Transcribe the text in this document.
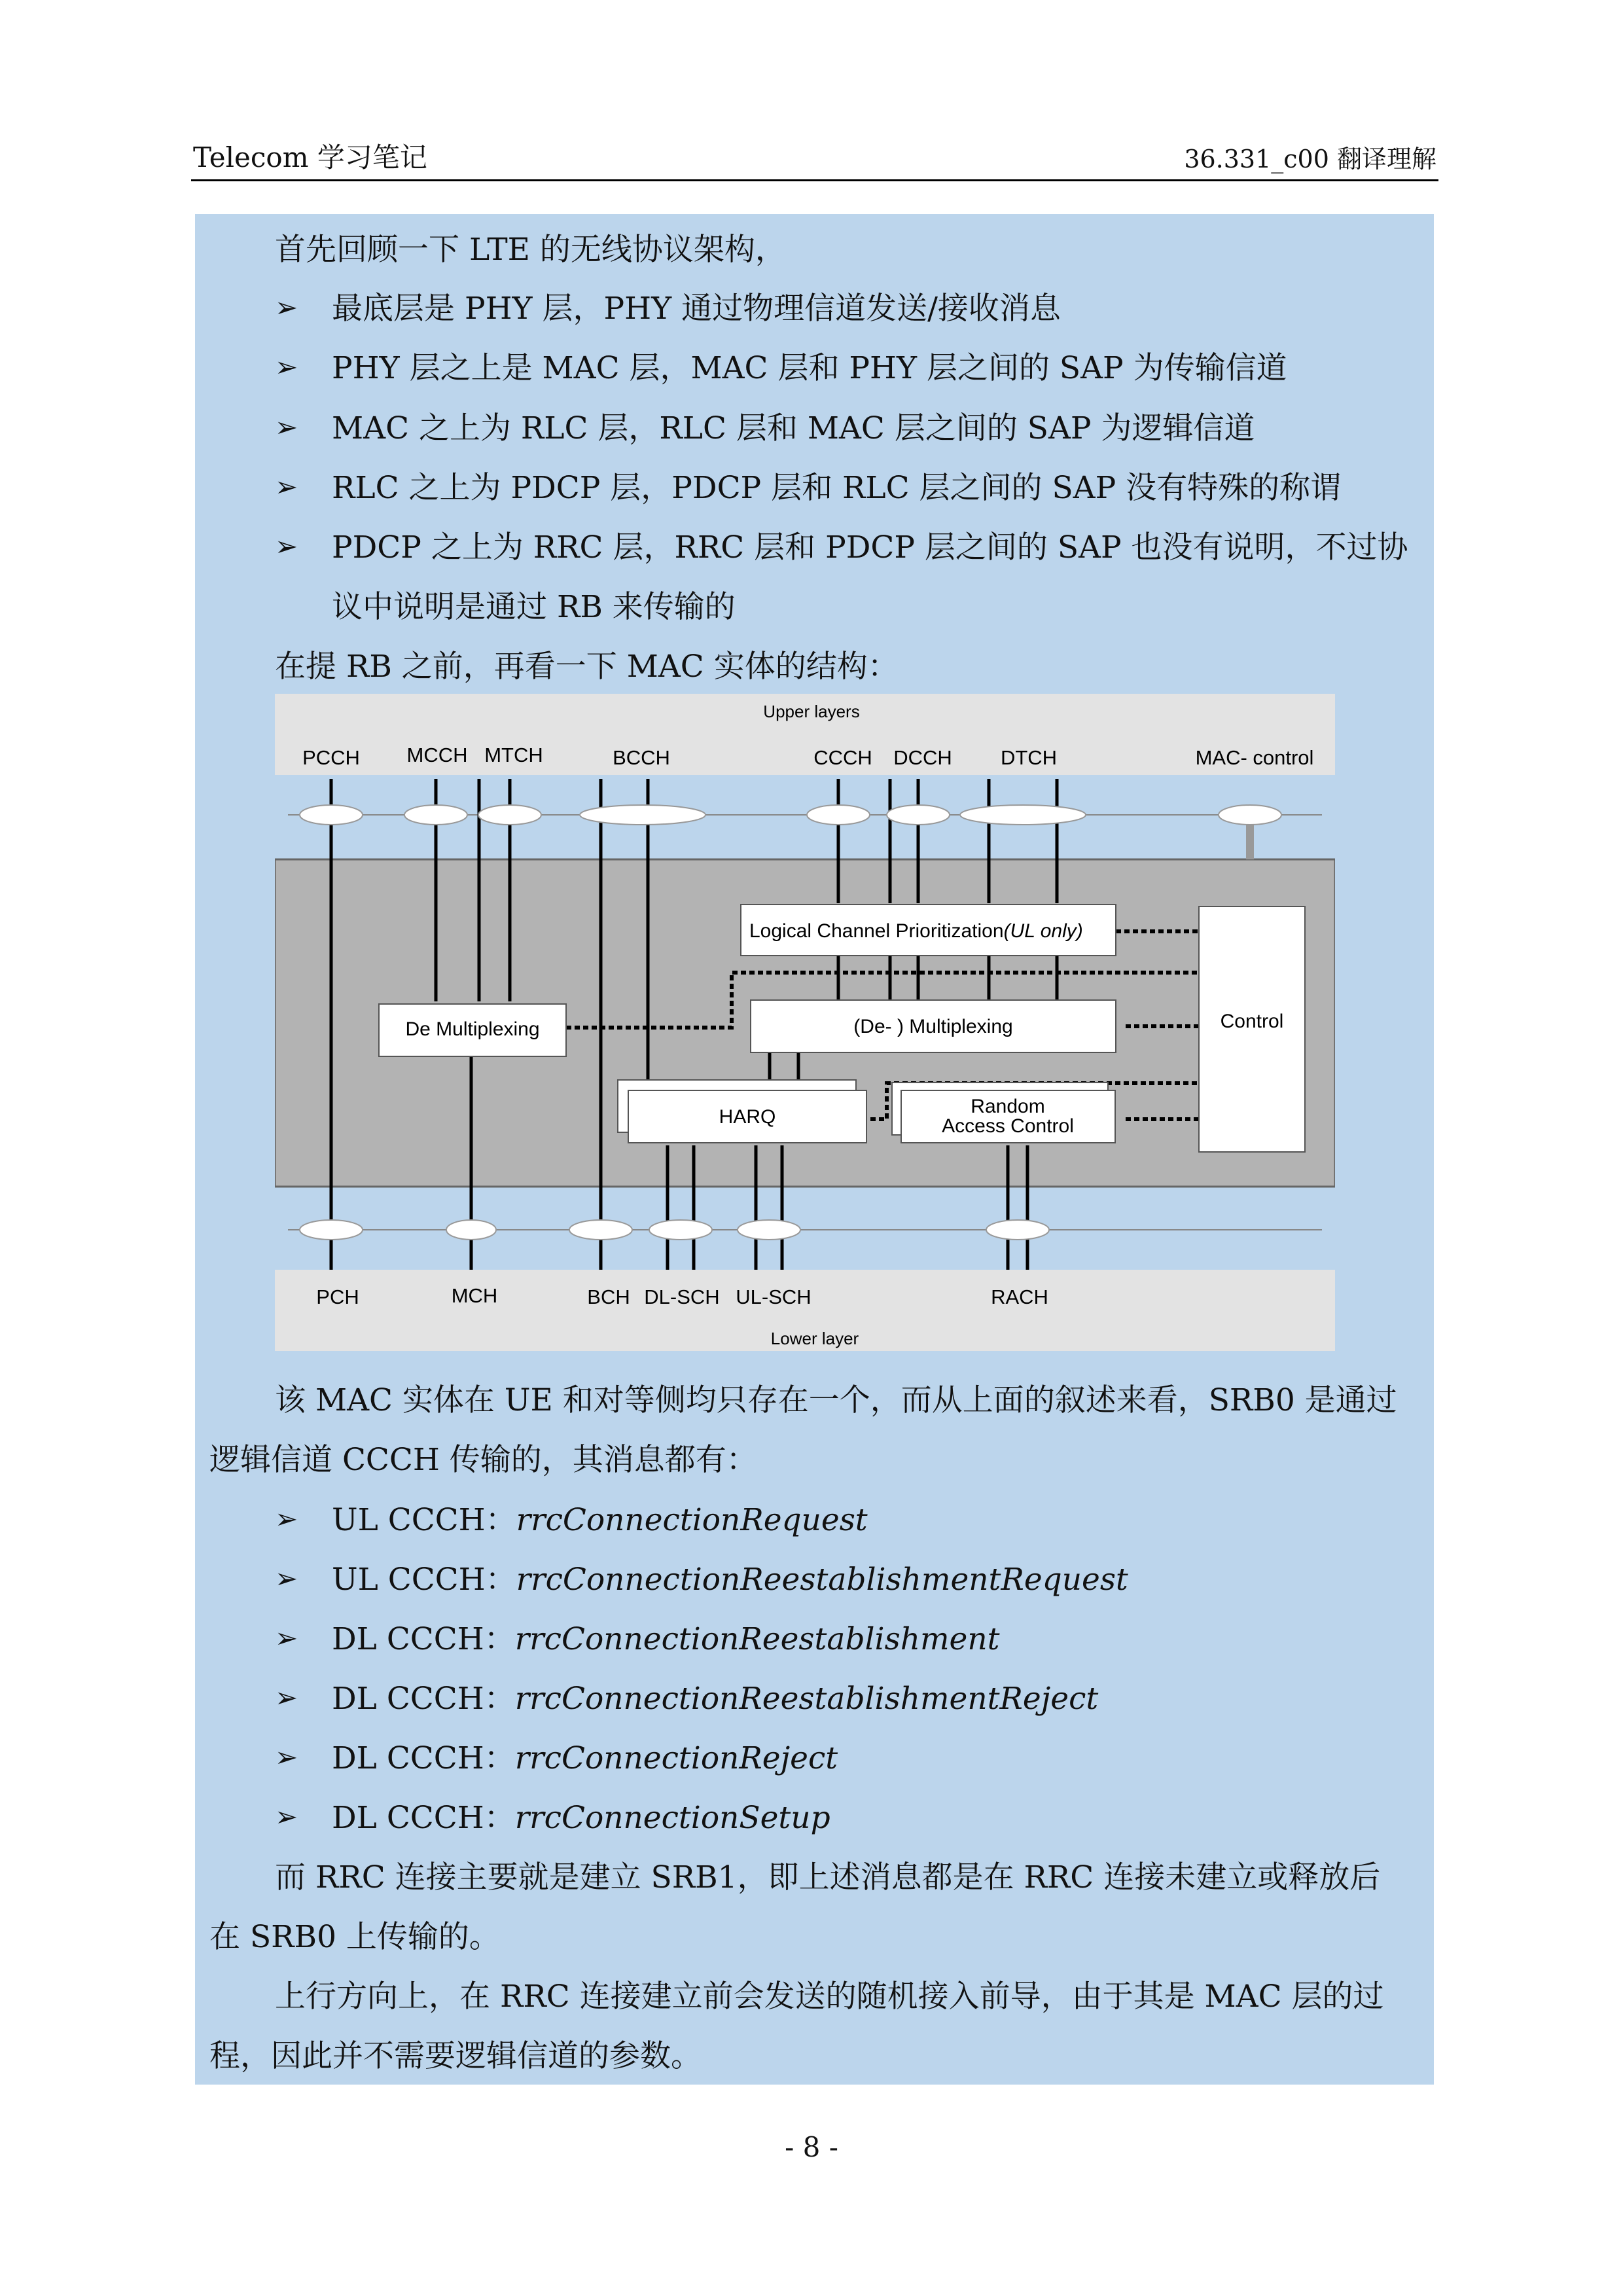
Telecom 学习笔记	36.331_c00 翻译理解
首先回顾一下 LTE 的无线协议架构，
➢ 最底层是 PHY 层，PHY 通过物理信道发送/接收消息
➢ PHY 层之上是 MAC 层，MAC 层和 PHY 层之间的 SAP 为传输信道
➢ MAC 之上为 RLC 层，RLC 层和 MAC 层之间的 SAP 为逻辑信道
➢ RLC 之上为 PDCP 层，PDCP 层和 RLC 层之间的 SAP 没有特殊的称谓
➢ PDCP 之上为 RRC 层，RRC 层和 PDCP 层之间的 SAP 也没有说明，不过协
议中说明是通过 RB 来传输的
在提 RB 之前，再看一下 MAC 实体的结构：
Upper layers
Lower layer
PCCH MCCH MTCH	BCCH	CCCH DCCH DTCH	MAC- control
PCH	MCH	BCH DL-SCH UL-SCH	RACH
Logical Channel Prioritization(UL only)
De Multiplexing	(De- ) Multiplexing
HARQ	Random
Access Control
Control
该 MAC 实体在 UE 和对等侧均只存在一个，而从上面的叙述来看，SRB0 是通过
逻辑信道 CCCH 传输的，其消息都有：
➢ UL CCCH：rrcConnectionRequest
➢ UL CCCH：rrcConnectionReestablishmentRequest
➢ DL CCCH：rrcConnectionReestablishment
➢ DL CCCH：rrcConnectionReestablishmentReject
➢ DL CCCH：rrcConnectionReject
➢ DL CCCH：rrcConnectionSetup
而 RRC 连接主要就是建立 SRB1，即上述消息都是在 RRC 连接未建立或释放后
在 SRB0 上传输的。
上行方向上，在 RRC 连接建立前会发送的随机接入前导，由于其是 MAC 层的过
程，因此并不需要逻辑信道的参数。
- 8 -
